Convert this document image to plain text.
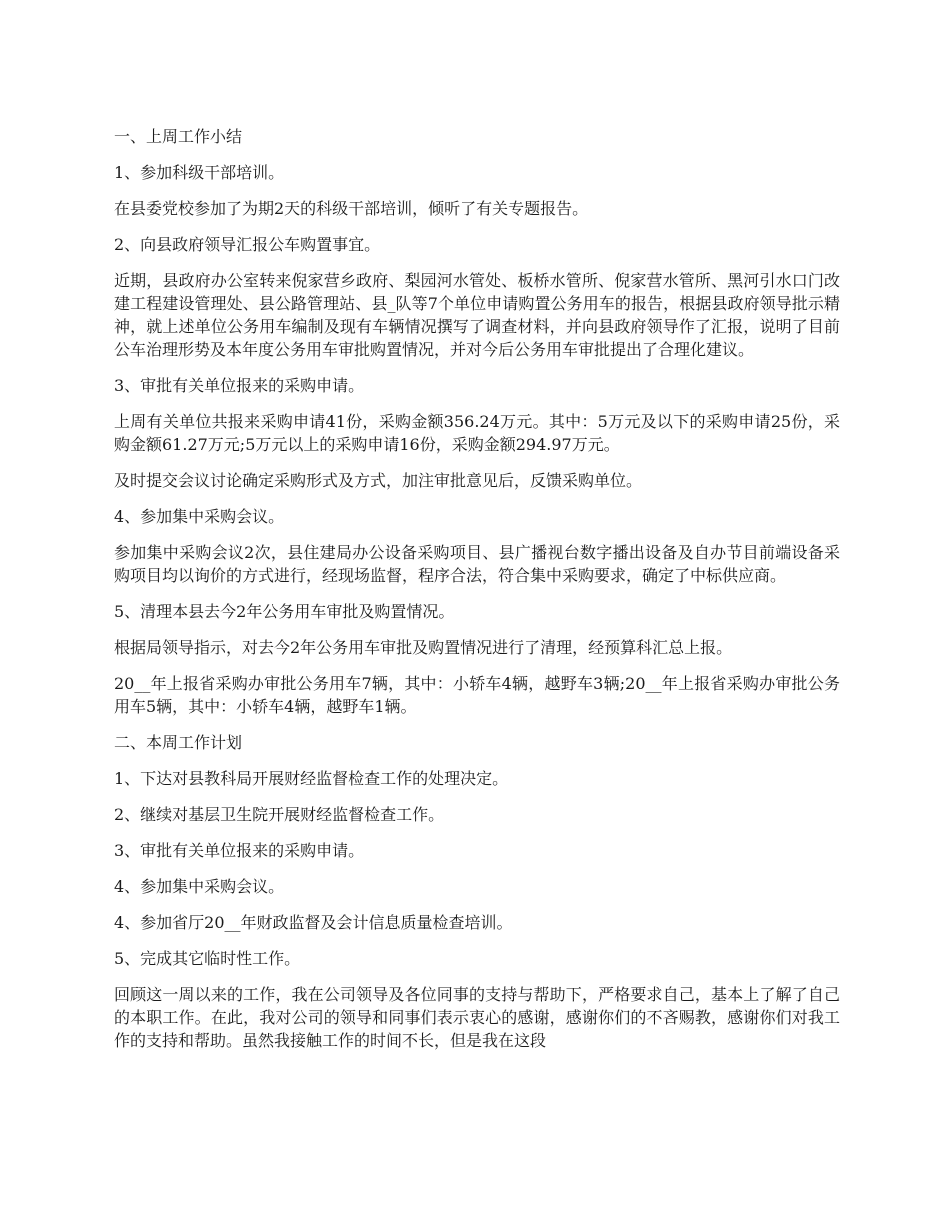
一、上周工作小结

1、参加科级干部培训。

在县委党校参加了为期2天的科级干部培训，倾听了有关专题报告。

2、向县政府领导汇报公车购置事宜。

近期，县政府办公室转来倪家营乡政府、梨园河水管处、板桥水管所、倪家营水管所、黑河引水口门改建工程建设管理处、县公路管理站、县_队等7个单位申请购置公务用车的报告，根据县政府领导批示精神，就上述单位公务用车编制及现有车辆情况撰写了调查材料，并向县政府领导作了汇报，说明了目前公车治理形势及本年度公务用车审批购置情况，并对今后公务用车审批提出了合理化建议。

3、审批有关单位报来的采购申请。

上周有关单位共报来采购申请41份，采购金额356.24万元。其中：5万元及以下的采购申请25份，采购金额61.27万元;5万元以上的采购申请16份，采购金额294.97万元。

及时提交会议讨论确定采购形式及方式，加注审批意见后，反馈采购单位。

4、参加集中采购会议。

参加集中采购会议2次，县住建局办公设备采购项目、县广播视台数字播出设备及自办节目前端设备采购项目均以询价的方式进行，经现场监督，程序合法，符合集中采购要求，确定了中标供应商。

5、清理本县去今2年公务用车审批及购置情况。

根据局领导指示，对去今2年公务用车审批及购置情况进行了清理，经预算科汇总上报。

20__年上报省采购办审批公务用车7辆，其中：小轿车4辆，越野车3辆;20__年上报省采购办审批公务用车5辆，其中：小轿车4辆，越野车1辆。

二、本周工作计划

1、下达对县教科局开展财经监督检查工作的处理决定。

2、继续对基层卫生院开展财经监督检查工作。

3、审批有关单位报来的采购申请。

4、参加集中采购会议。

4、参加省厅20__年财政监督及会计信息质量检查培训。

5、完成其它临时性工作。

回顾这一周以来的工作，我在公司领导及各位同事的支持与帮助下，严格要求自己，基本上了解了自己的本职工作。在此，我对公司的领导和同事们表示衷心的感谢，感谢你们的不吝赐教，感谢你们对我工作的支持和帮助。虽然我接触工作的时间不长，但是我在这段
